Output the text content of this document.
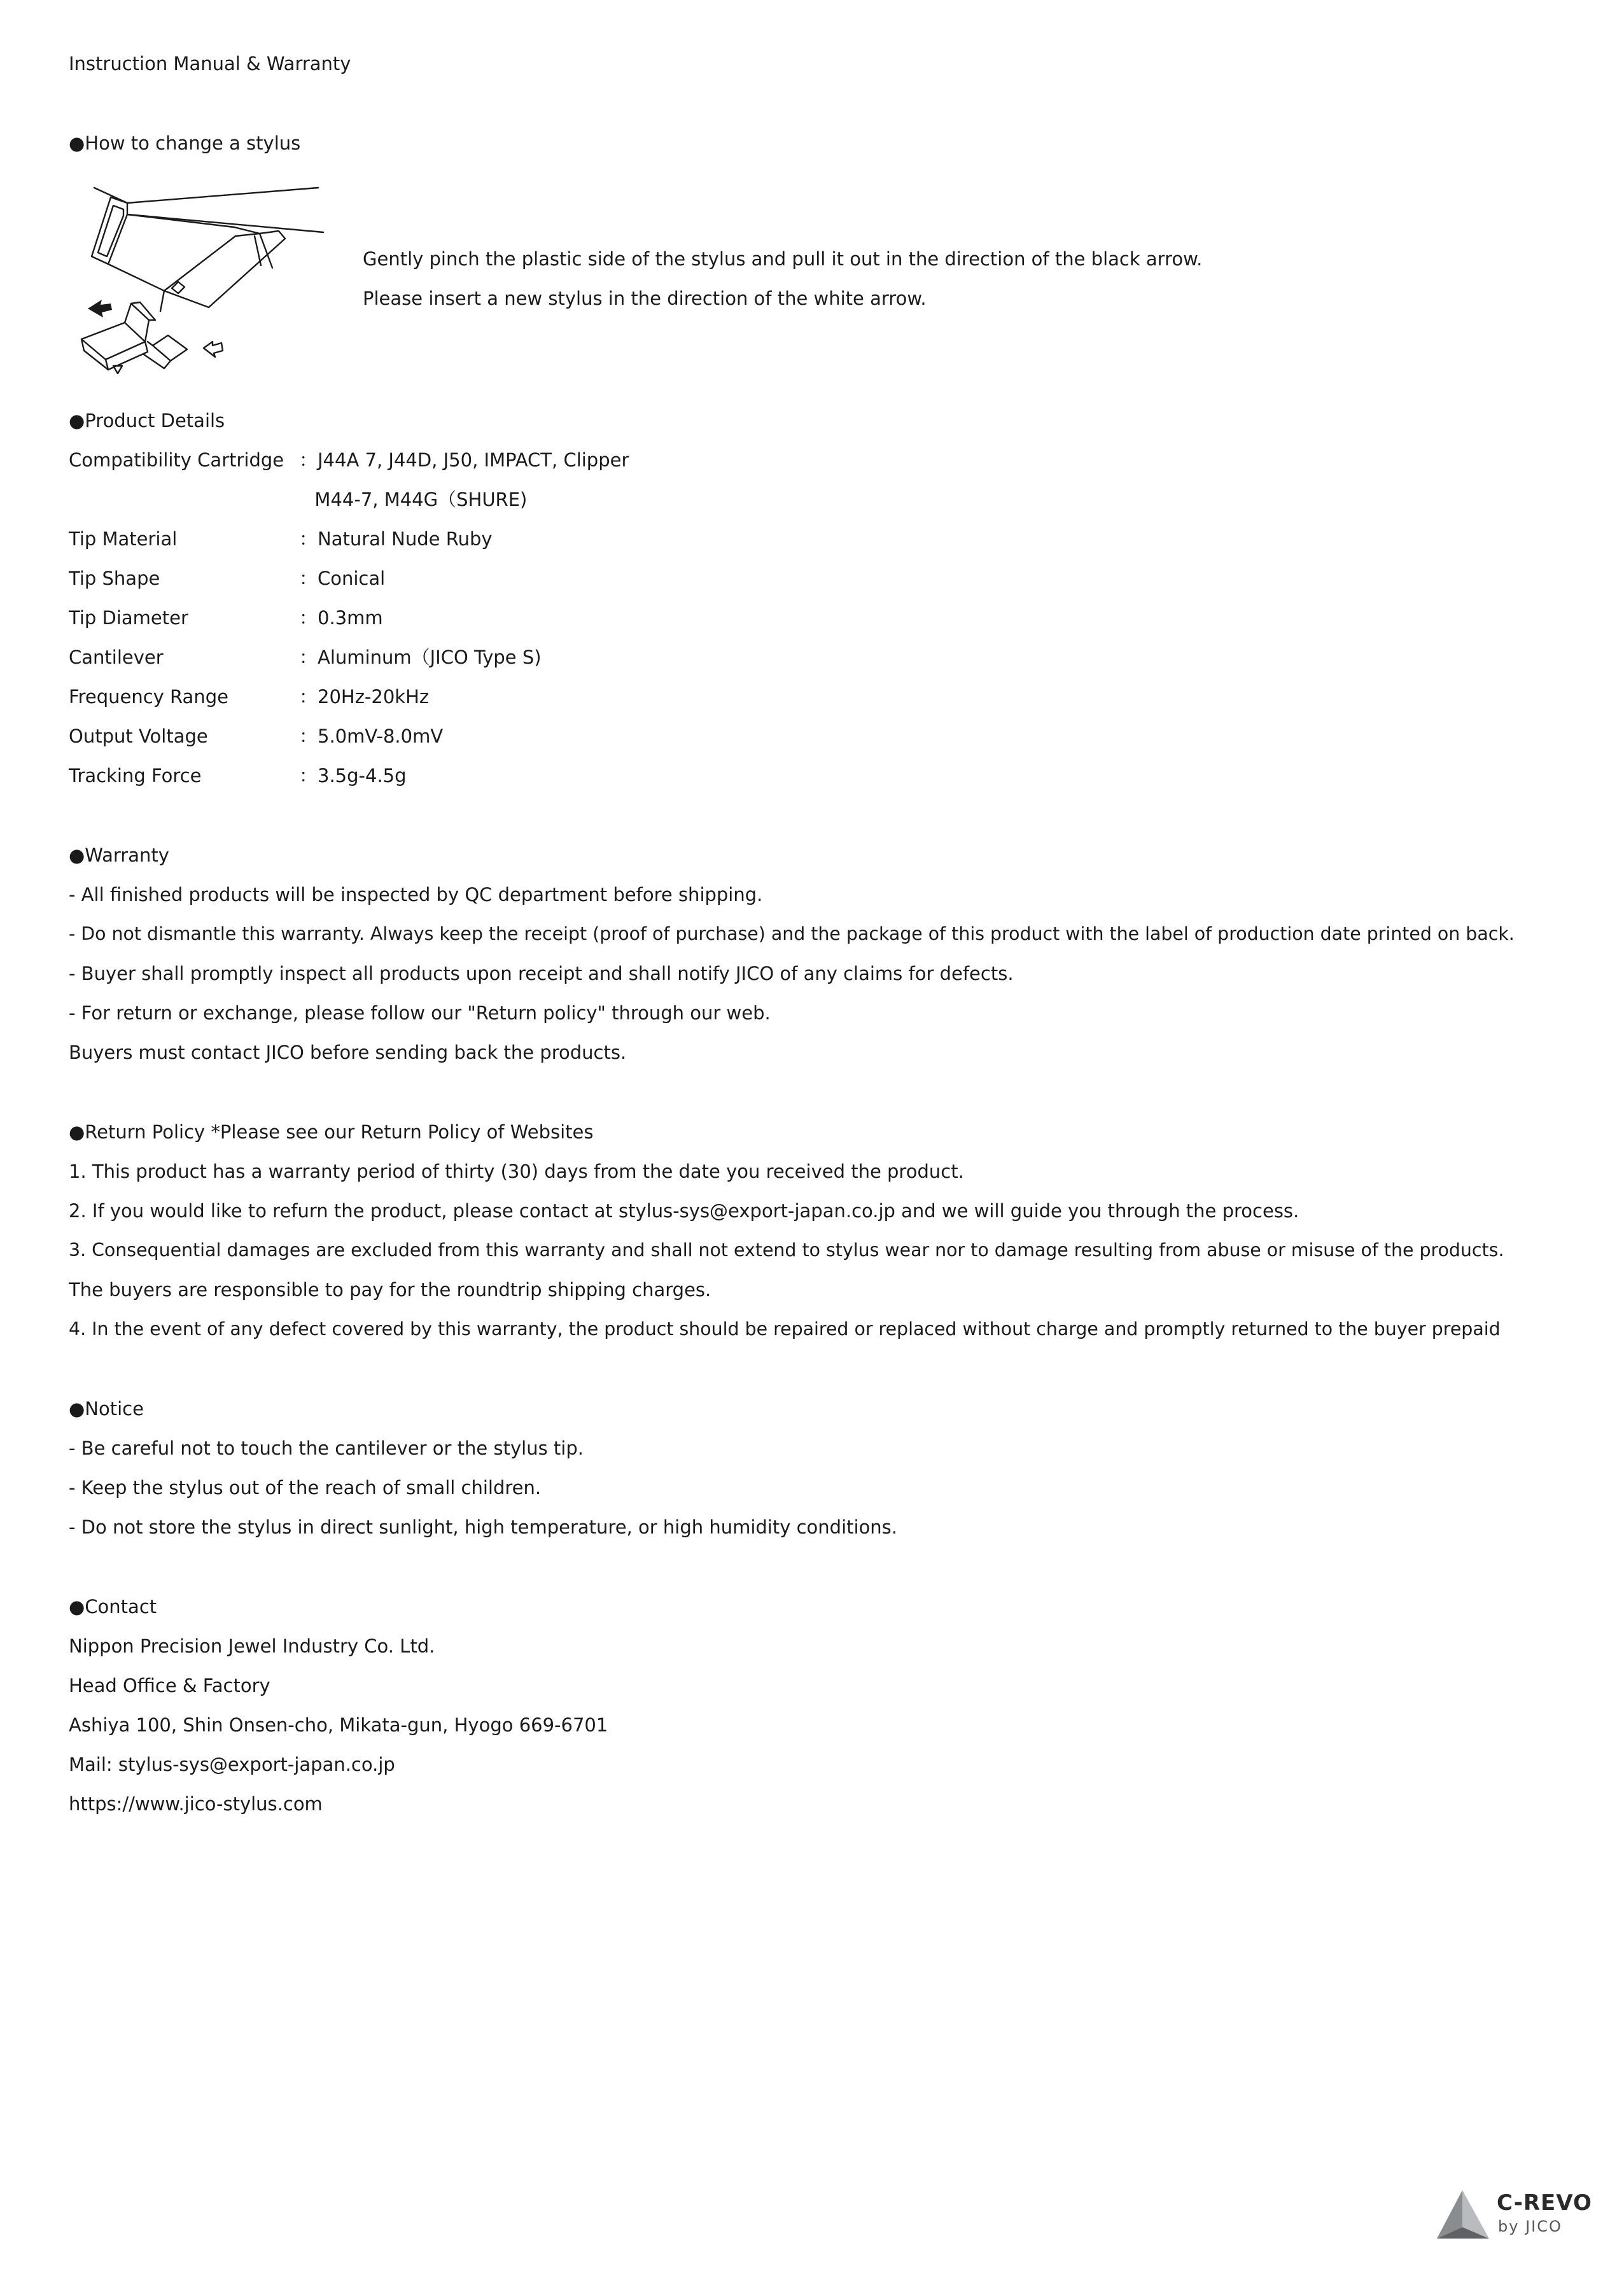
Instruction Manual & Warranty
●How to change a stylus
Gently pinch the plastic side of the stylus and pull it out in the direction of the black arrow.
Please insert a new stylus in the direction of the white arrow.
●Product Details
Compatibility Cartridge ：J44A 7, J44D, J50, IMPACT, Clipper
M44-7, M44G（SHURE)
Tip Material	：Natural Nude Ruby
Tip Shape	：Conical
Tip Diameter	：0.3mm
Cantilever	：Aluminum（JICO Type S)
Frequency Range	：20Hz-20kHz
Output Voltage	：5.0mV-8.0mV
Tracking Force	：3.5g-4.5g
●Warranty
- All finished products will be inspected by QC department before shipping.
- Do not dismantle this warranty. Always keep the receipt (proof of purchase) and the package of this product with the label of production date printed on back.
- Buyer shall promptly inspect all products upon receipt and shall notify JICO of any claims for defects.
- For return or exchange, please follow our "Return policy" through our web.
Buyers must contact JICO before sending back the products.
●Return Policy *Please see our Return Policy of Websites
1. This product has a warranty period of thirty (30) days from the date you received the product.
2. If you would like to refurn the product, please contact at stylus-sys@export-japan.co.jp and we will guide you through the process.
3. Consequential damages are excluded from this warranty and shall not extend to stylus wear nor to damage resulting from abuse or misuse of the products.
The buyers are responsible to pay for the roundtrip shipping charges.
4. In the event of any defect covered by this warranty, the product should be repaired or replaced without charge and promptly returned to the buyer prepaid
●Notice
- Be careful not to touch the cantilever or the stylus tip.
- Keep the stylus out of the reach of small children.
- Do not store the stylus in direct sunlight, high temperature, or high humidity conditions.
●Contact
Nippon Precision Jewel Industry Co. Ltd.
Head Office & Factory
Ashiya 100, Shin Onsen-cho, Mikata-gun, Hyogo 669-6701
Mail: stylus-sys@export-japan.co.jp
https://www.jico-stylus.com
C-REVO
by JICO
